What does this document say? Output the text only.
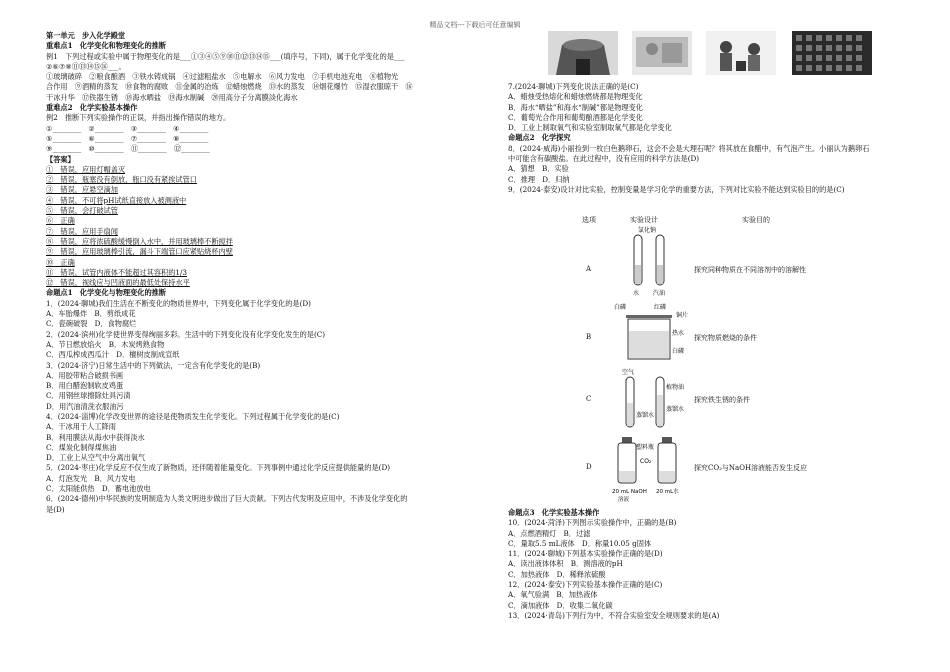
精品文档---下载后可任意编辑
第一单元　步入化学殿堂
重难点1　化学变化和物理变化的推断
例1　下列过程或实验中属于物理变化的是___①③④⑤⑨⑩⑪⑫⑬⑭⑮___(填序号，下同)，属于化学变化的是___
②⑥⑦⑧⑪⑬⑭⑮⑯___。
①玻璃破碎　②粮食酿酒　③铁水铸成锅　④过滤粗盐水　⑤电解水　⑥风力发电　⑦手机电池充电　⑧植物光
合作用　⑨酒精的蒸发　⑩食物的腐败　⑪金属的冶炼　⑫蜡烛燃烧　⑬水的蒸发　⑭烟花爆竹　⑮湿衣服晾干　⑯
干冰升华　⑰铁器生锈　⑱海水晒盐　⑲海水制碱　⑳用高分子分离膜淡化海水
重难点2　化学实验基本操作
例2　推断下列实验操作的正误，并指出操作错误的地方。
①________　②________　③________　④________
⑤________　⑥________　⑦________　⑧________
⑨________　⑩________　⑪________　⑫________
【答案】
①　错误，应用灯帽盖灭
②　错误，瓶塞没有倒放，瓶口没有紧挨试管口
③　错误，应悬空滴加
④　错误，不可将pH试纸直接放入被测液中
⑤　错误，会打破试管
⑥　正确
⑦　错误，应用手扇闻
⑧　错误，应将浓硫酸缓慢倒入水中，并用玻璃棒不断搅拌
⑨　错误，应用玻璃棒引流，漏斗下端管口应紧贴烧杯内壁
⑩　正确
⑪　错误，试管内液体不能超过其容积的1/3
⑫　错误，视线应与凹液面的最低处保持水平
命题点1　化学变化与物理变化的推断
1．(2024·聊城)我们生活在不断变化的物质世界中，下列变化属于化学变化的是(D)
A．车胎爆炸　B．剪纸成花
C．瓷碗破裂　D．食物腐烂
2．(2024·滨州)化学使世界变得绚丽多彩。生活中的下列变化没有化学变化发生的是(C)
A．节日燃放焰火　B．木炭烤熟食物
C．西瓜榨成西瓜汁　D．檀树皮制成宣纸
3．(2024·济宁)日常生活中的下列做法，一定含有化学变化的是(B)
A．用胶带粘合破损书画
B．用白醋泡制软皮鸡蛋
C．用钢丝球擦除灶具污渍
D．用汽油清洗衣服油污
4．(2024·淄博)化学改变世界的途径是使物质发生化学变化。下列过程属于化学变化的是(C)
A．干冰用于人工降雨
B．利用膜法从海水中获得淡水
C．煤炭化制得煤焦油
D．工业上从空气中分离出氧气
5．(2024·枣庄)化学反应不仅生成了新物质，还伴随着能量变化。下列事例中通过化学反应提供能量的是(D)
A．灯泡发光　B．风力发电
C．太阳能供热　D．蓄电池放电
6．(2024·德州)中华民族的发明制造为人类文明进步做出了巨大贡献。下列古代发明及应用中，不涉及化学变化的
是(D)
7.(2024·聊城)下列变化说法正确的是(C)
A．蜡烛受热熔化和蜡烛燃烧都是物理变化
B．海水“晒盐”和海水“制碱”都是物理变化
C．葡萄光合作用和葡萄酿酒都是化学变化
D．工业上制取氧气和实验室制取氧气都是化学变化
命题点2　化学探究
8．(2024·威海)小丽捡到一枚白色鹅卵石，这会不会是大理石呢？将其放在食醋中，有气泡产生。小丽认为鹅卵石
中可能含有碳酸盐。在此过程中，没有应用的科学方法是(D)
A．猜想　B．实验
C．推理　D．归纳
9．(2024·泰安)设计对比实验，控制变量是学习化学的重要方法，下列对比实验不能达到实验目的的是(C)
选项	实验设计	实验目的
A	探究同种物质在不同溶剂中的溶解性
氯化钠
水 汽油
B	探究物质燃烧的条件
白磷	红磷
铜片
热水
白磷
C	探究铁生锈的条件
空气
植物油
蒸馏水
蒸馏水
D	探究CO₂与NaOH溶液能否发生反应
塑料瓶
CO₂
20 mL NaOH
溶液
20 mL水
命题点3　化学实验基本操作
10．(2024·菏泽)下列图示实验操作中，正确的是(B)
A．点燃酒精灯　B．过滤
C．量取5.5 mL液体　D．称量10.05 g固体
11．(2024·聊城)下列基本实验操作正确的是(D)
A．读出液体体积　B．测溶液的pH
C．加热液体　D．稀释浓硫酸
12．(2024·泰安)下列实验基本操作正确的是(C)
A．氧气验满　B．加热液体
C．滴加液体　D．收集二氧化碳
13．(2024·青岛)下列行为中，不符合实验室安全规则要求的是(A)
